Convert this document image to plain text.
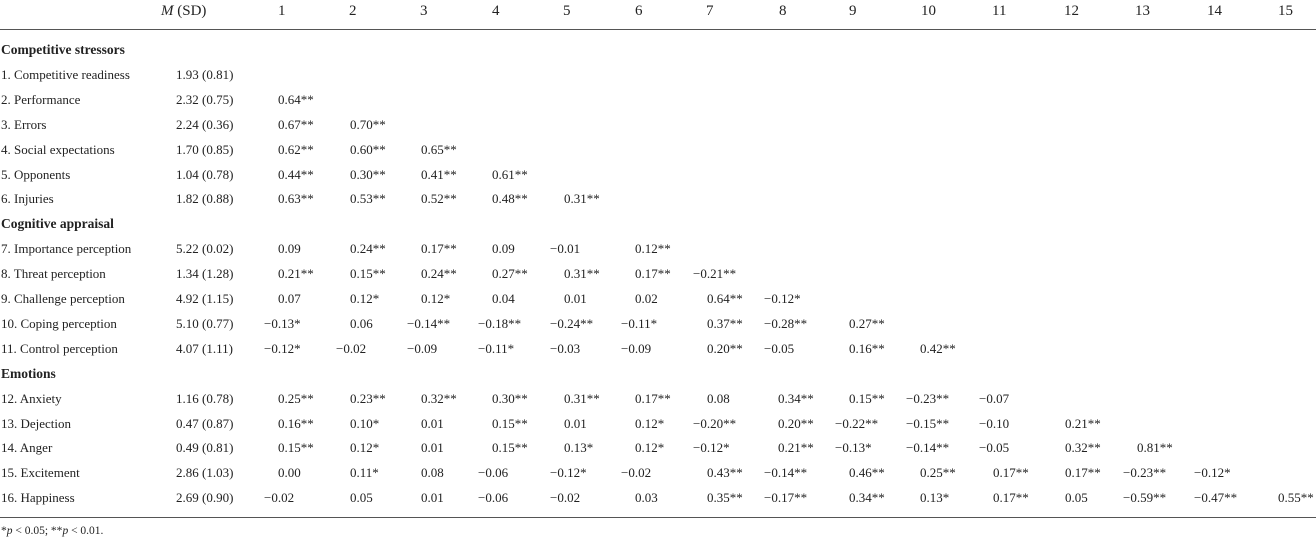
M (SD)	1	2	3	4	5	6	7	8	9	10	11	12	13	14	15
Competitive stressors
1. Competitive readiness	1.93 (0.81)
2. Performance	2.32 (0.75)	0.64**
3. Errors	2.24 (0.36)	0.67**	0.70**
4. Social expectations	1.70 (0.85)	0.62**	0.60**	0.65**
5. Opponents	1.04 (0.78)	0.44**	0.30**	0.41**	0.61**
6. Injuries	1.82 (0.88)	0.63**	0.53**	0.52**	0.48**	0.31**
Cognitive appraisal
7. Importance perception	5.22 (0.02)	0.09	0.24**	0.17**	0.09	−0.01	0.12**
8. Threat perception	1.34 (1.28)	0.21**	0.15**	0.24**	0.27**	0.31**	0.17** −0.21**
9. Challenge perception	4.92 (1.15)	0.07	0.12*	0.12*	0.04	0.01	0.02	0.64** −0.12*
10. Coping perception	5.10 (0.77) −0.13*	0.06	−0.14** −0.18** −0.24** −0.11*	0.37** −0.28**	0.27**
11. Control perception	4.07 (1.11) −0.12*	−0.02	−0.09	−0.11*	−0.03	−0.09	0.20** −0.05	0.16**	0.42**
Emotions
12. Anxiety	1.16 (0.78)	0.25**	0.23**	0.32**	0.30**	0.31**	0.17**	0.08	0.34**	0.15** −0.23** −0.07
13. Dejection	0.47 (0.87)	0.16**	0.10*	0.01	0.15**	0.01	0.12* −0.20**	0.20** −0.22** −0.15** −0.10	0.21**
14. Anger	0.49 (0.81)	0.15**	0.12*	0.01	0.15**	0.13*	0.12* −0.12*	0.21** −0.13*	−0.14** −0.05	0.32**	0.81**
15. Excitement	2.86 (1.03)	0.00	0.11*	0.08	−0.06	−0.12*	−0.02	0.43** −0.14**	0.46**	0.25**	0.17**	0.17** −0.23** −0.12*
16. Happiness	2.69 (0.90) −0.02	0.05	0.01	−0.06	−0.02	0.03	0.35** −0.17**	0.34**	0.13*	0.17**	0.05	−0.59** −0.47**	0.55**
*p < 0.05; **p < 0.01.
